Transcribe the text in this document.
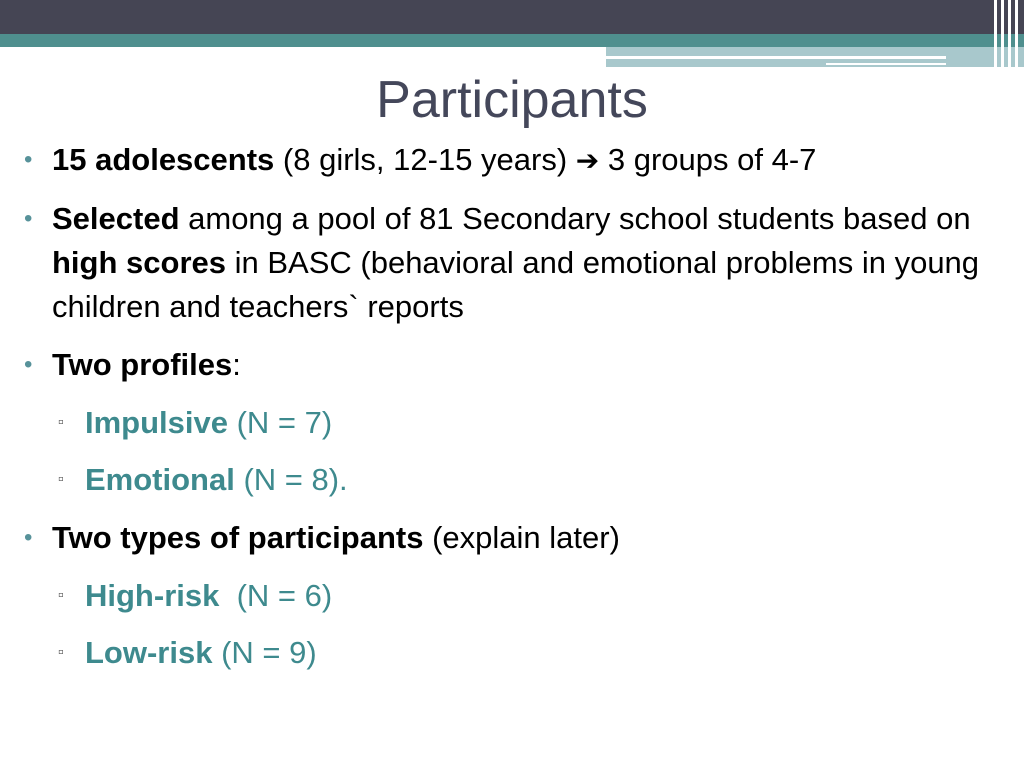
Participants
• 15 adolescents (8 girls, 12-15 years) ➔ 3 groups of 4-7
• Selected among a pool of 81 Secondary school students based on high scores in BASC (behavioral and emotional problems in young children and teachers` reports
• Two profiles:
▫ Impulsive (N = 7)
▫ Emotional (N = 8).
• Two types of participants (explain later)
▫ High-risk  (N = 6)
▫ Low-risk (N = 9)
